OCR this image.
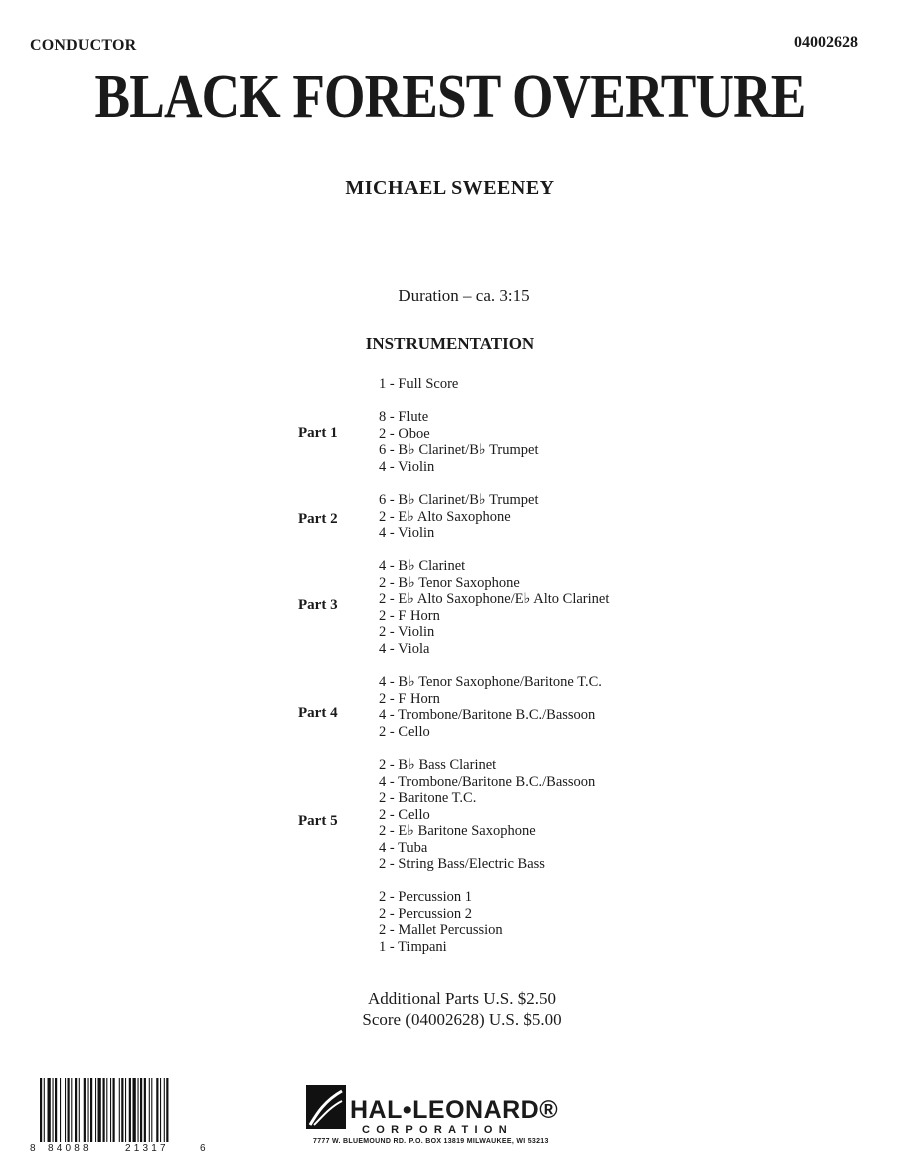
CONDUCTOR	04002628
BLACK FOREST OVERTURE
MICHAEL SWEENEY
Duration – ca. 3:15
INSTRUMENTATION
1 - Full Score
Part 1
8 - Flute
2 - Oboe
6 - B♭ Clarinet/B♭ Trumpet
4 - Violin
Part 2
6 - B♭ Clarinet/B♭ Trumpet
2 - E♭ Alto Saxophone
4 - Violin
Part 3
4 - B♭ Clarinet
2 - B♭ Tenor Saxophone
2 - E♭ Alto Saxophone/E♭ Alto Clarinet
2 - F Horn
2 - Violin
4 - Viola
Part 4
4 - B♭ Tenor Saxophone/Baritone T.C.
2 - F Horn
4 - Trombone/Baritone B.C./Bassoon
2 - Cello
Part 5
2 - B♭ Bass Clarinet
4 - Trombone/Baritone B.C./Bassoon
2 - Baritone T.C.
2 - Cello
2 - E♭ Baritone Saxophone
4 - Tuba
2 - String Bass/Electric Bass
2 - Percussion 1
2 - Percussion 2
2 - Mallet Percussion
1 - Timpani
Additional Parts U.S. $2.50
Score (04002628) U.S. $5.00
8 84088	21317	6
HAL•LEONARD®
CORPORATION
7777 W. BLUEMOUND RD. P.O. BOX 13819 MILWAUKEE, WI 53213
